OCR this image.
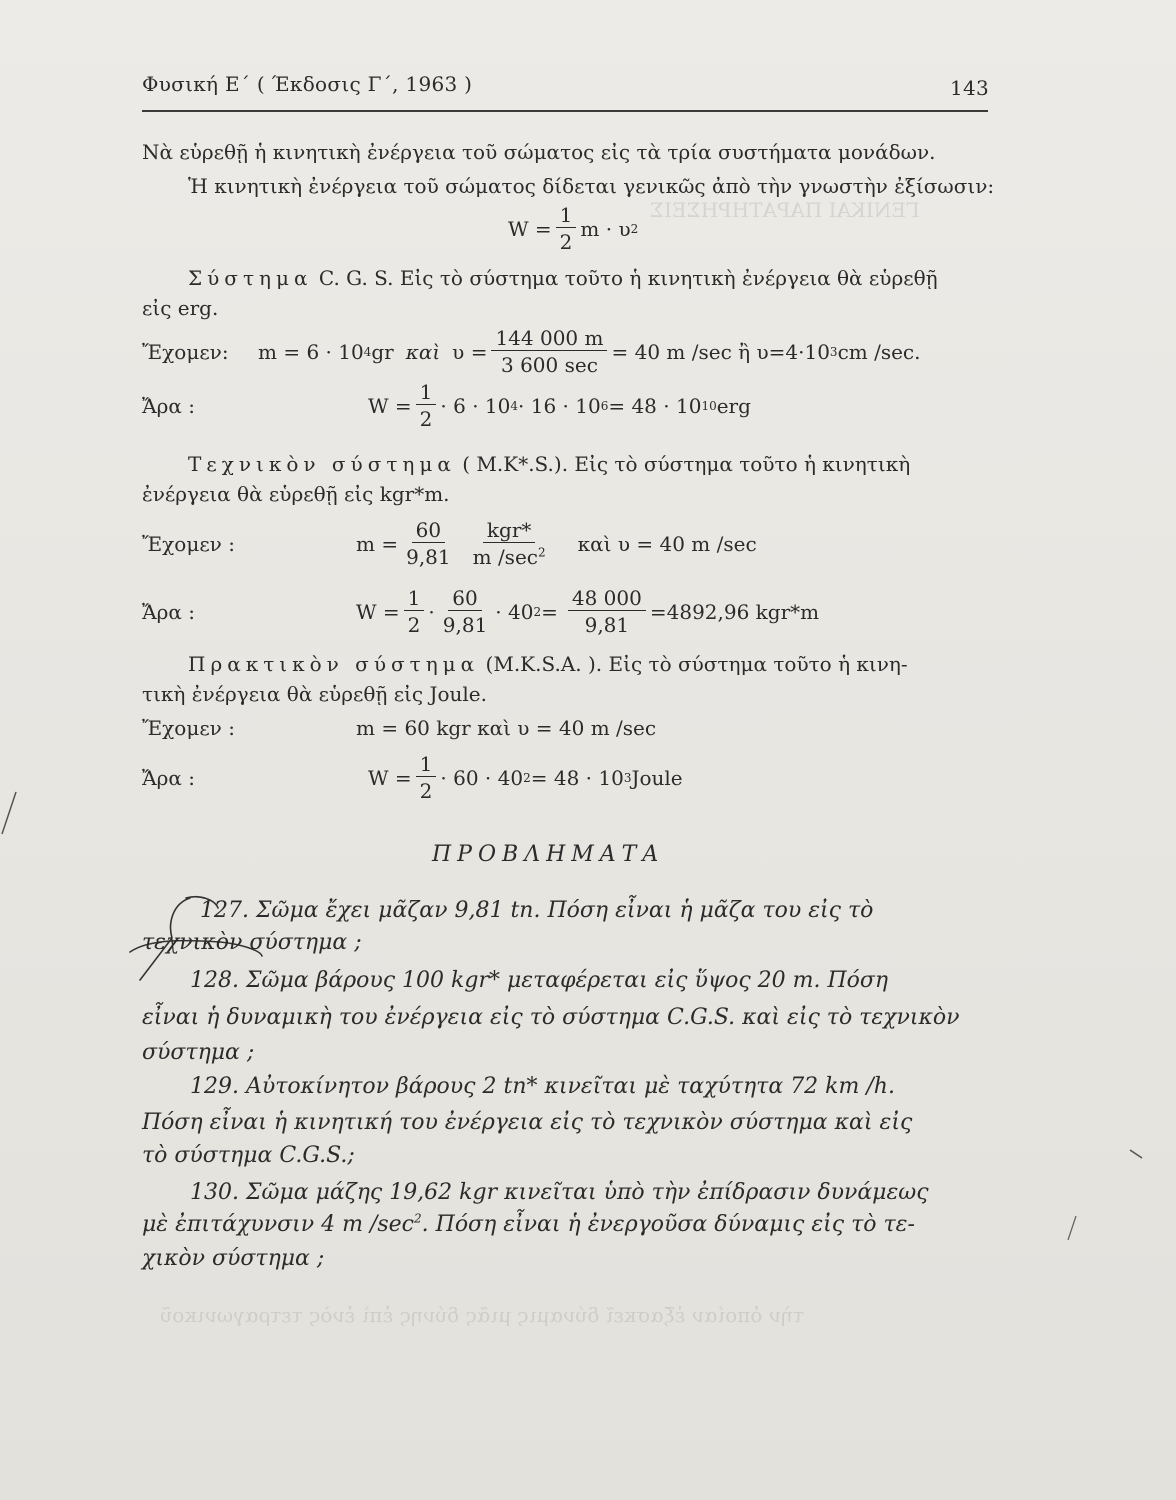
ΓΕΝΙΚΑΙ ΠΑΡΑΤΗΡΗΣΕΙΣ
τὴν ὁποίαν ἐξασκεῖ δύναμις μιᾶς δύνης ἐπὶ ἑνὸς τετραγωνικοῦ
Φυσική Ε΄ ( Έκδοσις Γ΄, 1963 )	143
Νὰ εὑρεθῇ ἡ κινητικὴ ἐνέργεια τοῦ σώματος εἰς τὰ τρία συστήματα μονάδων.
Ἡ κινητικὴ ἐνέργεια τοῦ σώματος δίδεται γενικῶς ἀπὸ τὴν γνωστὴν ἐξίσωσιν:
$W = \frac{1}{2}$ m · υ 2
Σύστημα C. G. S. Εἰς τὸ σύστημα τοῦτο ἡ κινητικὴ ἐνέργεια θὰ εὑρεθῇ
εἰς erg.
Ἔχομεν:	m = 6 · 10 4 gr καὶ $\upsilon = \frac{144 000 m}{3 600 \sec} = 40$ m /sec ἢ υ=4·10 3 cm /sec.
Ἄρα :	$W = \frac{1}{2} \cdot 6 \cdot 10$ 4 · 16 · 10 6 = 48 · 10 10 erg
Τεχνικὸν σύστημα ( M.K*.S.). Εἰς τὸ σύστημα τοῦτο ἡ κινητικὴ
ἐνέργεια θὰ εὑρεθῇ εἰς kgr*m.
Ἔχομεν :	$m = \frac{60}{9,81} \frac{\text{kgr*}}{m /\sec^2}$ καὶ υ = 40 m /sec
Ἄρα :	$W = \frac{1}{2} \cdot \frac{60}{9,81} \cdot 40$ $2 = \frac{48 000}{9,81} =4892,96$ kgr*m
Πρακτικὸν σύστημα (M.K.S.A. ). Εἰς τὸ σύστημα τοῦτο ἡ κινη-
τικὴ ἐνέργεια θὰ εὑρεθῇ εἰς Joule.
Ἔχομεν :	m = 60 kgr καὶ υ = 40 m /sec
Ἄρα :	$W = \frac{1}{2} \cdot 60 \cdot 40$ 2 = 48 · 10 3 Joule
ΠΡΟΒΛΗΜΑΤΑ
127. Σῶμα ἔχει μᾶζαν 9,81 tn. Πόση εἶναι ἡ μᾶζα του εἰς τὸ
τεχνικὸν σύστημα ;
128. Σῶμα βάρους 100 kgr* μεταφέρεται εἰς ὕψος 20 m. Πόση
εἶναι ἡ δυναμικὴ του ἐνέργεια εἰς τὸ σύστημα C.G.S. καὶ εἰς τὸ τεχνικὸν
σύστημα ;
129. Αὐτοκίνητον βάρους 2 tn* κινεῖται μὲ ταχύτητα 72 km /h.
Πόση εἶναι ἡ κινητική του ἐνέργεια εἰς τὸ τεχνικὸν σύστημα καὶ εἰς
τὸ σύστημα C.G.S.;
130. Σῶμα μάζης 19,62 kgr κινεῖται ὑπὸ τὴν ἐπίδρασιν δυνάμεως
μὲ ἐπιτάχυνσιν 4 m $/\sec^2$. Πόση εἶναι ἡ ἐνεργοῦσα δύναμις εἰς τὸ τε-
χικὸν σύστημα ;
